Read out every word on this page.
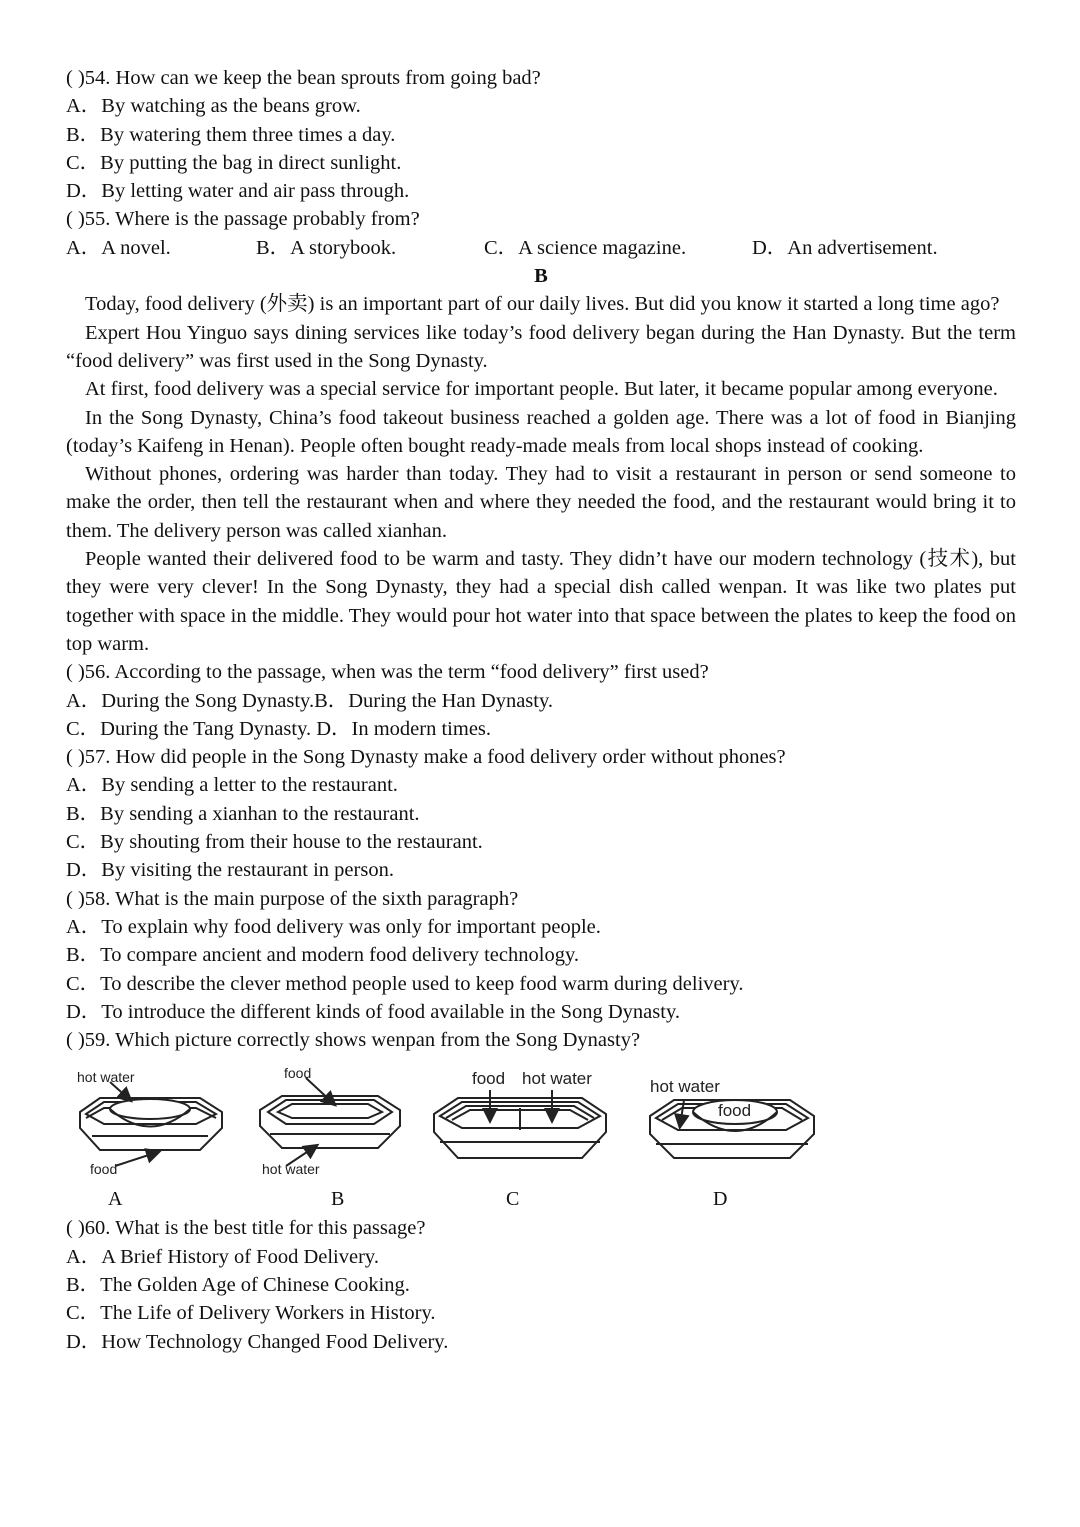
( )54. How can we keep the bean sprouts from going bad?
A．By watching as the beans grow.
B．By watering them three times a day.
C．By putting the bag in direct sunlight.
D．By letting water and air pass through.
( )55. Where is the passage probably from?
A．A novel.	B．A storybook.	C．A science magazine.	D．An advertisement.
B
Today, food delivery (外卖) is an important part of our daily lives. But did you know it started a long time ago?
Expert Hou Yinguo says dining services like today’s food delivery began during the Han Dynasty. But the term “food delivery” was first used in the Song Dynasty.
At first, food delivery was a special service for important people. But later, it became popular among everyone.
In the Song Dynasty, China’s food takeout business reached a golden age. There was a lot of food in Bianjing (today’s Kaifeng in Henan). People often bought ready-made meals from local shops instead of cooking.
Without phones, ordering was harder than today. They had to visit a restaurant in person or send someone to make the order, then tell the restaurant when and where they needed the food, and the restaurant would bring it to them. The delivery person was called xianhan.
People wanted their delivered food to be warm and tasty. They didn’t have our modern technology (技术), but they were very clever! In the Song Dynasty, they had a special dish called wenpan. It was like two plates put together with space in the middle. They would pour hot water into that space between the plates to keep the food on top warm.
( )56. According to the passage, when was the term “food delivery” first used?
A．During the Song Dynasty.B．During the Han Dynasty.
C．During the Tang Dynasty. D．In modern times.
( )57. How did people in the Song Dynasty make a food delivery order without phones?
A．By sending a letter to the restaurant.
B．By sending a xianhan to the restaurant.
C．By shouting from their house to the restaurant.
D．By visiting the restaurant in person.
( )58. What is the main purpose of the sixth paragraph?
A．To explain why food delivery was only for important people.
B．To compare ancient and modern food delivery technology.
C．To describe the clever method people used to keep food warm during delivery.
D．To introduce the different kinds of food available in the Song Dynasty.
( )59. Which picture correctly shows wenpan from the Song Dynasty?
hot water
food
food
hot water
food hot water	hot water
food
A	B	C	D
( )60. What is the best title for this passage?
A．A Brief History of Food Delivery.
B．The Golden Age of Chinese Cooking.
C．The Life of Delivery Workers in History.
D．How Technology Changed Food Delivery.
